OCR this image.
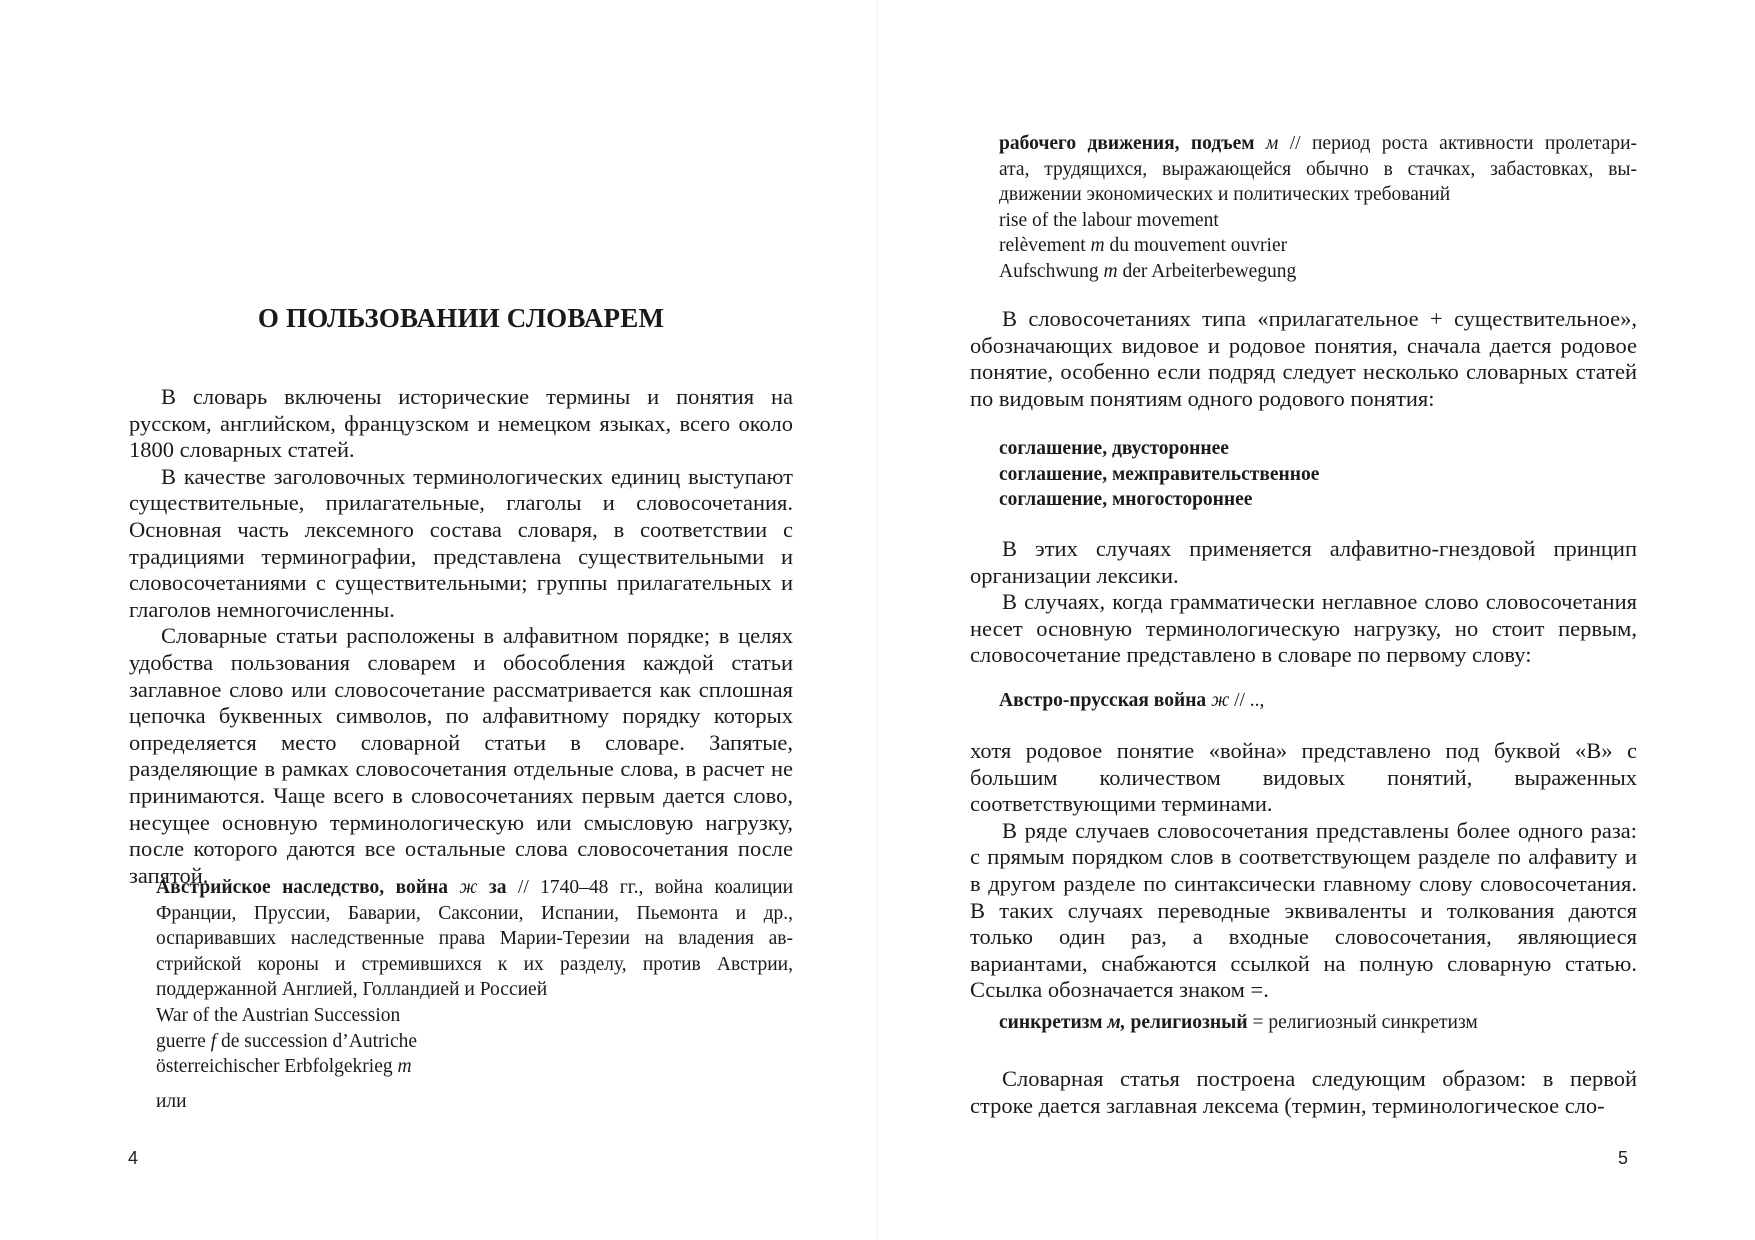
О ПОЛЬЗОВАНИИ СЛОВАРЕМ

В словарь включены исторические термины и понятия на русском, английском, французском и немецком языках, всего около 1800 словарных статей.

В качестве заголовочных терминологических единиц выступают существительные, прилагательные, глаголы и словосочетания. Основная часть лексемного состава словаря, в соответствии с традициями терминографии, представлена существительными и словосочетаниями с существительными; группы прилагательных и глаголов немногочисленны.

Словарные статьи расположены в алфавитном порядке; в целях удобства пользования словарем и обособления каждой статьи заглавное слово или словосочетание рассматривается как сплошная цепочка буквенных символов, по алфавитному порядку которых определяется место словарной статьи в словаре. Запятые, разделяющие в рамках словосочетания отдельные слова, в расчет не принимаются. Чаще всего в словосочетаниях первым дается слово, несущее основную терминологическую или смысловую нагрузку, после которого даются все остальные слова словосочетания после запятой.

Австрийское наследство, война ж за // 1740–48 гг., война коалиции
Франции, Пруссии, Баварии, Саксонии, Испании, Пьемонта и др.,
оспаривавших наследственные права Марии-Терезии на владения ав-
стрийской короны и стремившихся к их разделу, против Австрии,
поддержанной Англией, Голландией и Россией
War of the Austrian Succession
guerre f de succession d’Autriche
österreichischer Erbfolgekrieg m
или
4
рабочего движения, подъем м // период роста активности пролетари-
ата, трудящихся, выражающейся обычно в стачках, забастовках, вы-
движении экономических и политических требований
rise of the labour movement
relèvement m du mouvement ouvrier
Aufschwung m der Arbeiterbewegung

В словосочетаниях типа «прилагательное + существительное», обозначающих видовое и родовое понятия, сначала дается родовое понятие, особенно если подряд следует несколько словарных статей по видовым понятиям одного родового понятия:

соглашение, двустороннее
соглашение, межправительственное
соглашение, многостороннее

В этих случаях применяется алфавитно-гнездовой принцип организации лексики.

В случаях, когда грамматически неглавное слово словосочетания несет основную терминологическую нагрузку, но стоит первым, словосочетание представлено в словаре по первому слову:

Австро-прусская война ж // ..,

хотя родовое понятие «война» представлено под буквой «В» с большим количеством видовых понятий, выраженных соответствующими терминами.

В ряде случаев словосочетания представлены более одного раза: с прямым порядком слов в соответствующем разделе по алфавиту и в другом разделе по синтаксически главному слову словосочетания. В таких случаях переводные эквиваленты и толкования даются только один раз, а входные словосочетания, являющиеся вариантами, снабжаются ссылкой на полную словарную статью. Ссылка обозначается знаком =.

синкретизм м, религиозный = религиозный синкретизм

Словарная статья построена следующим образом: в первой строке дается заглавная лексема (термин, терминологическое сло-

5
